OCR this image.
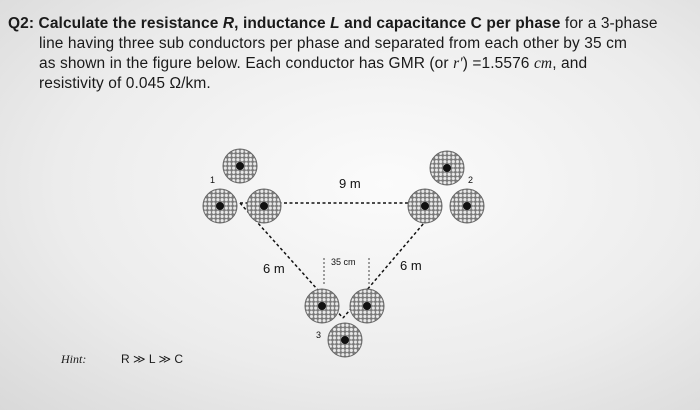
Q2: Calculate the resistance R, inductance L and capacitance C per phase for a 3-phase
line having three sub conductors per phase and separated from each other by 35 cm
as shown in the figure below. Each conductor has GMR (or r′) =1.5576 cm, and
resistivity of 0.045 Ω/km.
9 m
6 m	6 m
35 cm
1	2
3
Hint:	R ≫ L ≫ C
